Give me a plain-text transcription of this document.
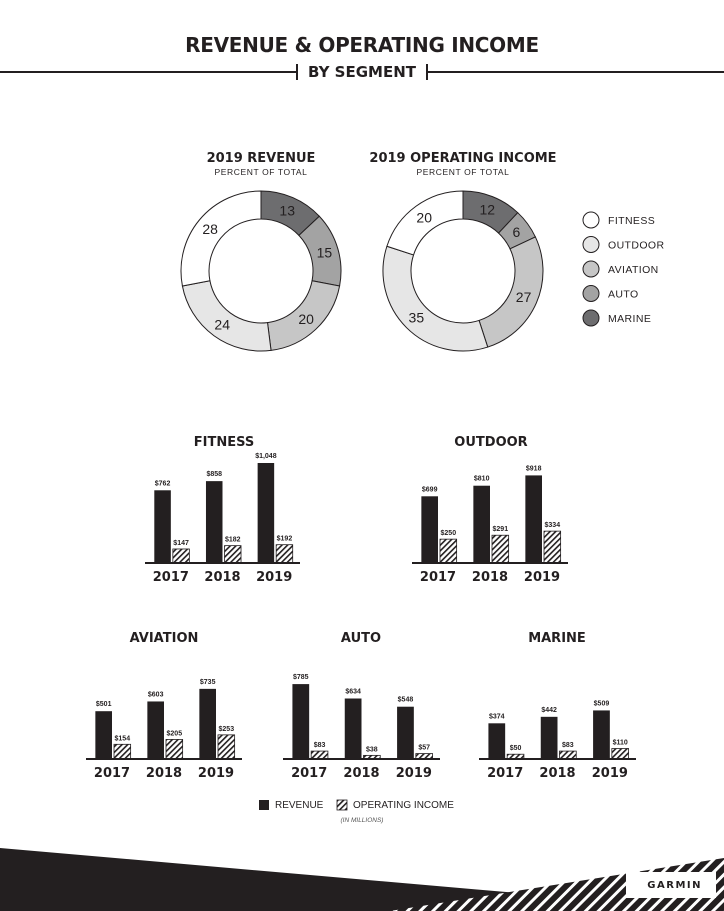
REVENUE & OPERATING INCOME
BY SEGMENT
2019 REVENUE
PERCENT OF TOTAL
13
15
20
24
28
2019 OPERATING INCOME
PERCENT OF TOTAL
12
6
27
35
20	FITNESS
OUTDOOR
AVIATION
AUTO
MARINE
FITNESS
$762
$147
2017
$858
$182
2018
$1,048
$192
2019
OUTDOOR
$699
$250
2017
$810
$291
2018
$918
$334
2019
AVIATION
$501
$154
2017
$603
$205
2018
$735
$253
2019
AUTO
$785
$83
2017
$634
$38
2018
$548
$57
2019
MARINE
$374
$50
2017
$442
$83
2018
$509
$110
2019
REVENUE	OPERATING INCOME
(IN MILLIONS)
GARMIN
